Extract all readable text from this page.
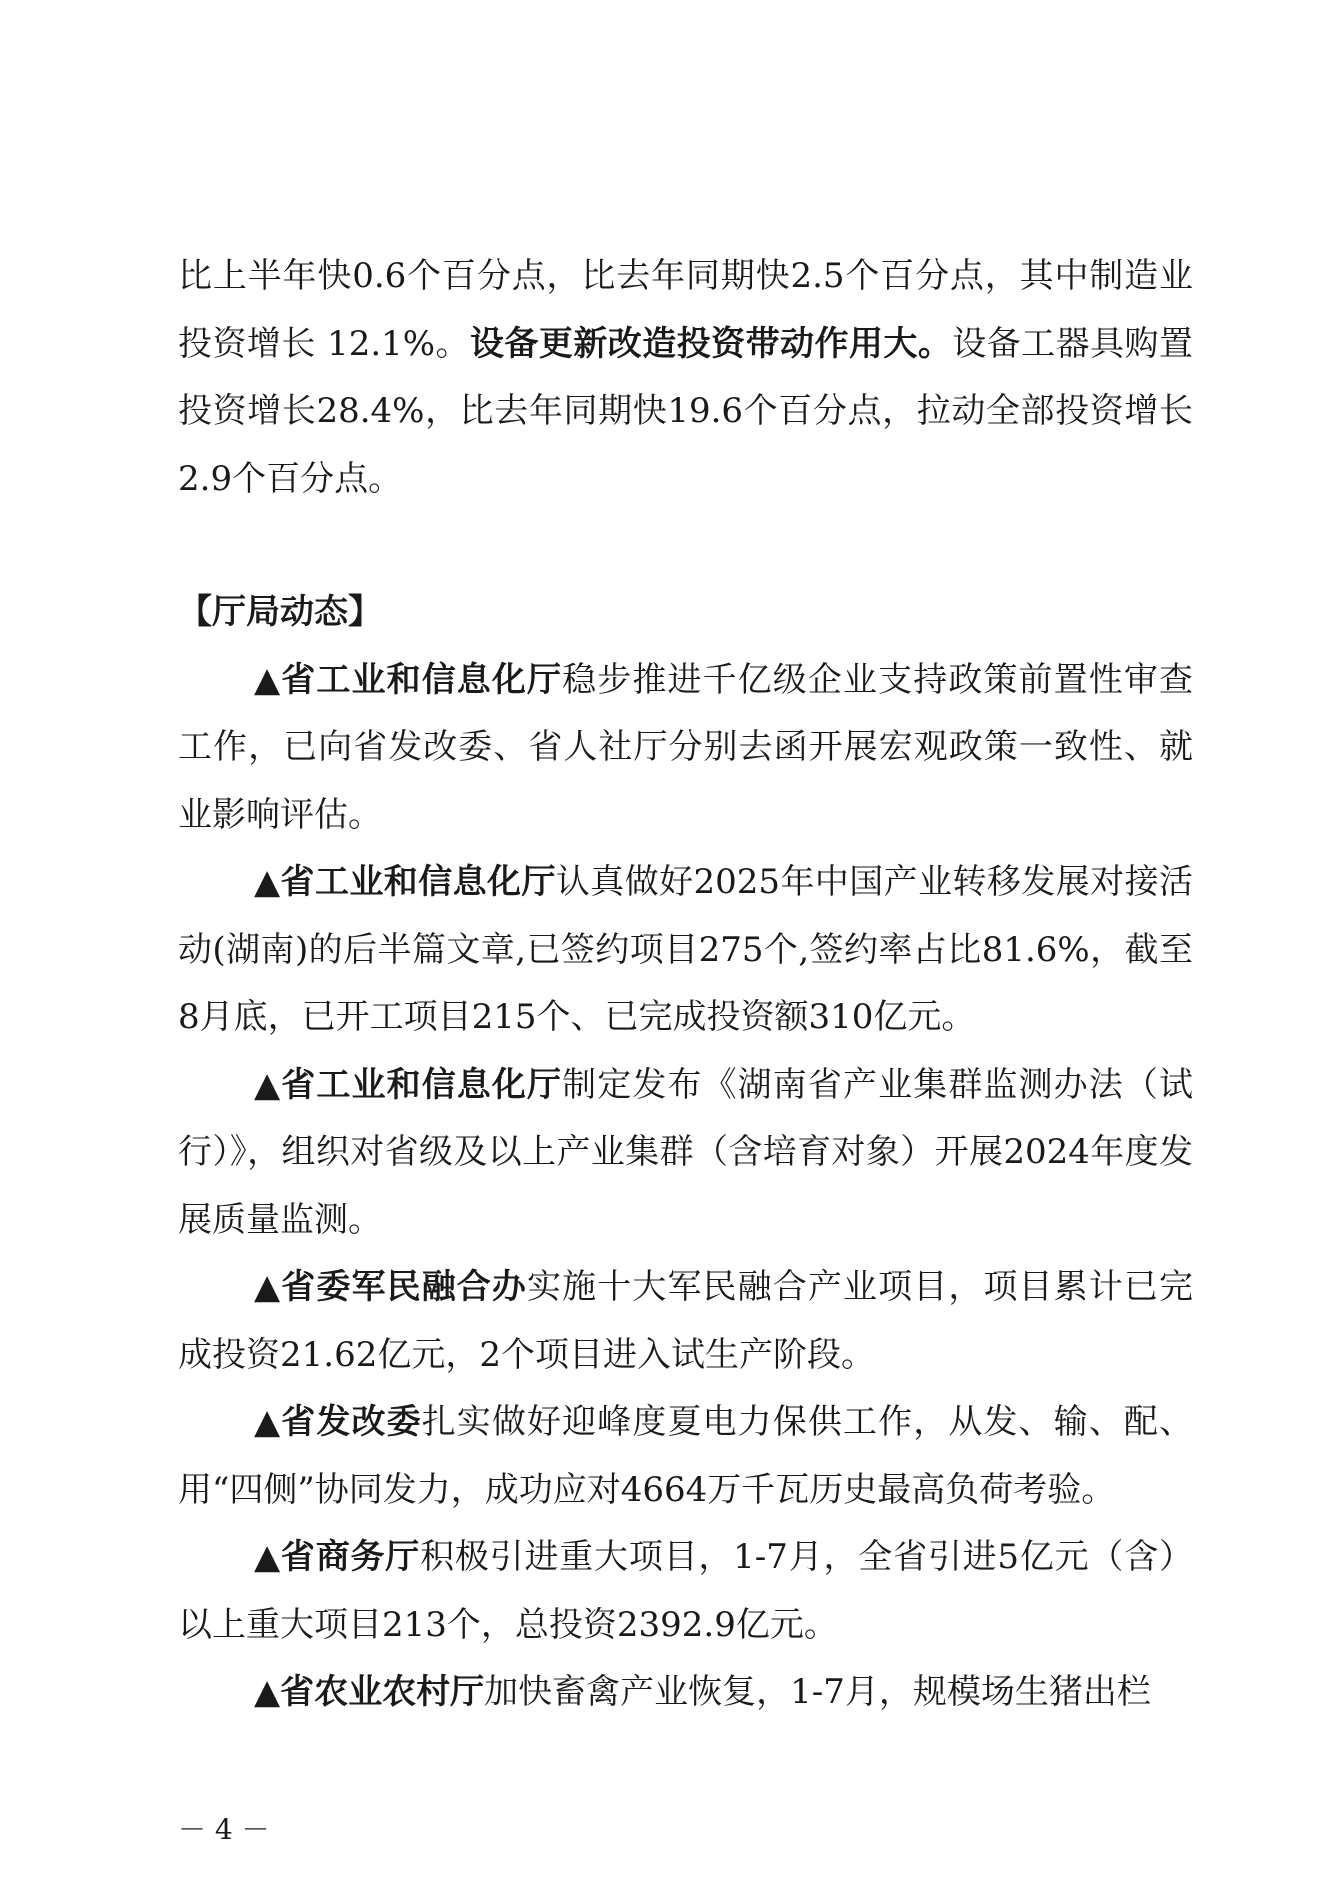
比上半年快0.6个百分点，比去年同期快2.5个百分点，其中制造业投资增长 12.1%。设备更新改造投资带动作用大。设备工器具购置投资增长28.4%，比去年同期快19.6个百分点，拉动全部投资增长2.9个百分点。

【厅局动态】

▲省工业和信息化厅稳步推进千亿级企业支持政策前置性审查工作，已向省发改委、省人社厅分别去函开展宏观政策一致性、就业影响评估。

▲省工业和信息化厅认真做好2025年中国产业转移发展对接活动(湖南)的后半篇文章,已签约项目275个,签约率占比81.6%，截至8月底，已开工项目215个、已完成投资额310亿元。

▲省工业和信息化厅制定发布《湖南省产业集群监测办法（试行）》，组织对省级及以上产业集群（含培育对象）开展2024年度发展质量监测。

▲省委军民融合办实施十大军民融合产业项目，项目累计已完成投资21.62亿元，2个项目进入试生产阶段。

▲省发改委扎实做好迎峰度夏电力保供工作，从发、输、配、用“四侧”协同发力，成功应对4664万千瓦历史最高负荷考验。

▲省商务厅积极引进重大项目，1-7月，全省引进5亿元（含）以上重大项目213个，总投资2392.9亿元。

▲省农业农村厅加快畜禽产业恢复，1-7月，规模场生猪出栏

－ 4 －
